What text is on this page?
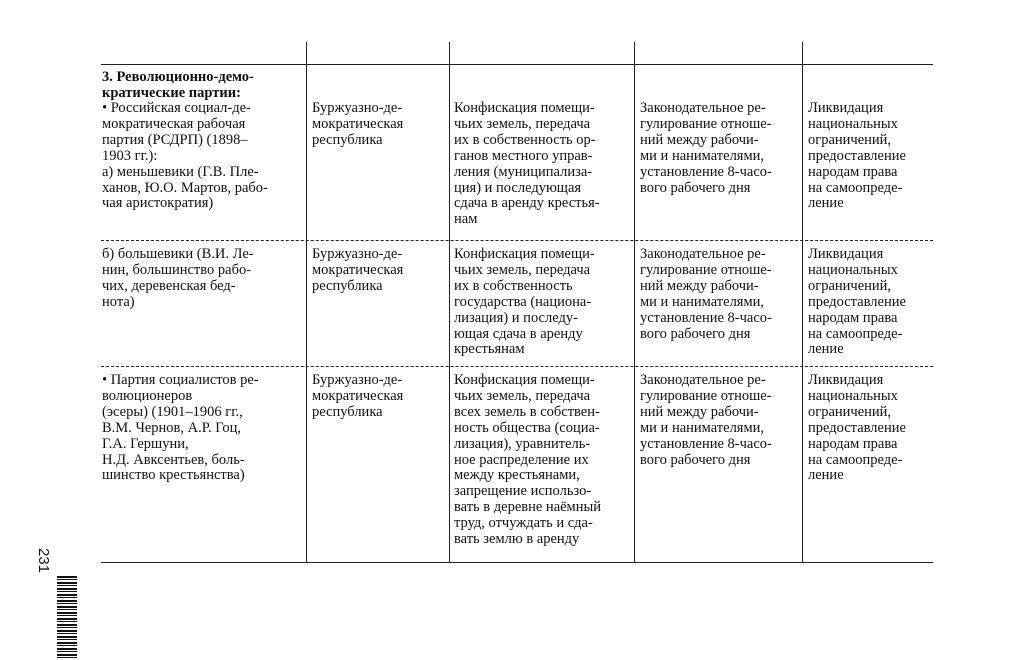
3. Революционно-демо-
кратические партии:
• Российская социал-де-
мократическая рабочая
партия (РСДРП) (1898–
1903 гг.):
а) меньшевики (Г.В. Пле-
ханов, Ю.О. Мартов, рабо-
чая аристократия)
Буржуазно-де-
мократическая
республика
Конфискация помещи-
чьих земель, передача
их в собственность ор-
ганов местного управ-
ления (муниципализа-
ция) и последующая
сдача в аренду крестья-
нам
Законодательное ре-
гулирование отноше-
ний между рабочи-
ми и нанимателями,
установление 8-часо-
вого рабочего дня
Ликвидация
национальных
ограничений,
предоставление
народам права
на самоопреде-
ление
б) большевики (В.И. Ле-
нин, большинство рабо-
чих, деревенская бед-
нота)
Буржуазно-де-
мократическая
республика
Конфискация помещи-
чьих земель, передача
их в собственность
государства (национа-
лизация) и последу-
ющая сдача в аренду
крестьянам
Законодательное ре-
гулирование отноше-
ний между рабочи-
ми и нанимателями,
установление 8-часо-
вого рабочего дня
Ликвидация
национальных
ограничений,
предоставление
народам права
на самоопреде-
ление
• Партия социалистов ре-
волюционеров
(эсеры) (1901–1906 гг.,
В.М. Чернов, А.Р. Гоц,
Г.А. Гершуни,
Н.Д. Авксентьев, боль-
шинство крестьянства)
Буржуазно-де-
мократическая
республика
Конфискация помещи-
чьих земель, передача
всех земель в собствен-
ность общества (социа-
лизация), уравнитель-
ное распределение их
между крестьянами,
запрещение использо-
вать в деревне наёмный
труд, отчуждать и сда-
вать землю в аренду
Законодательное ре-
гулирование отноше-
ний между рабочи-
ми и нанимателями,
установление 8-часо-
вого рабочего дня
Ликвидация
национальных
ограничений,
предоставление
народам права
на самоопреде-
ление
231
